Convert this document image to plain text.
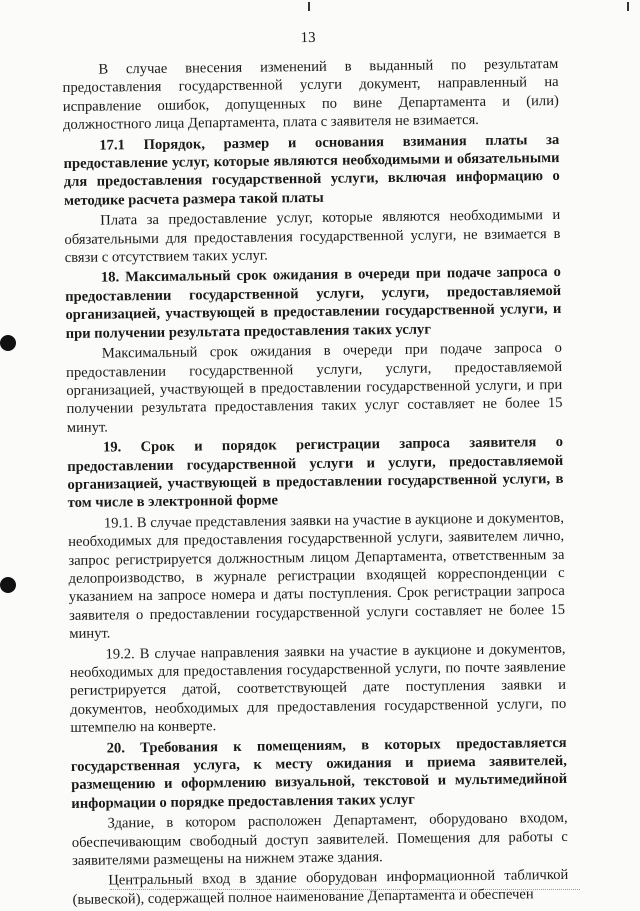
13

В случае внесения изменений в выданный по результатам предоставления государственной услуги документ, направленный на исправление ошибок, допущенных по вине Департамента и (или) должностного лица Департамента, плата с заявителя не взимается.

17.1 Порядок, размер и основания взимания платы за предоставление услуг, которые являются необходимыми и обязательными для предоставления государственной услуги, включая информацию о методике расчета размера такой платы

Плата за предоставление услуг, которые являются необходимыми и обязательными для предоставления государственной услуги, не взимается в связи с отсутствием таких услуг.

18. Максимальный срок ожидания в очереди при подаче запроса о предоставлении государственной услуги, услуги, предоставляемой организацией, участвующей в предоставлении государственной услуги, и при получении результата предоставления таких услуг

Максимальный срок ожидания в очереди при подаче запроса о предоставлении государственной услуги, услуги, предоставляемой организацией, участвующей в предоставлении государственной услуги, и при получении результата предоставления таких услуг составляет не более 15 минут.

19. Срок и порядок регистрации запроса заявителя о предоставлении государственной услуги и услуги, предоставляемой организацией, участвующей в предоставлении государственной услуги, в том числе в электронной форме

19.1. В случае представления заявки на участие в аукционе и документов, необходимых для предоставления государственной услуги, заявителем лично, запрос регистрируется должностным лицом Департамента, ответственным за делопроизводство, в журнале регистрации входящей корреспонденции с указанием на запросе номера и даты поступления. Срок регистрации запроса заявителя о предоставлении государственной услуги составляет не более 15 минут.

19.2. В случае направления заявки на участие в аукционе и документов, необходимых для предоставления государственной услуги, по почте заявление регистрируется датой, соответствующей дате поступления заявки и документов, необходимых для предоставления государственной услуги, по штемпелю на конверте.

20. Требования к помещениям, в которых предоставляется государственная услуга, к месту ожидания и приема заявителей, размещению и оформлению визуальной, текстовой и мультимедийной информации о порядке предоставления таких услуг

Здание, в котором расположен Департамент, оборудовано входом, обеспечивающим свободный доступ заявителей. Помещения для работы с заявителями размещены на нижнем этаже здания.

Центральный вход в здание оборудован информационной табличкой (вывеской), содержащей полное наименование Департамента и обеспечен
